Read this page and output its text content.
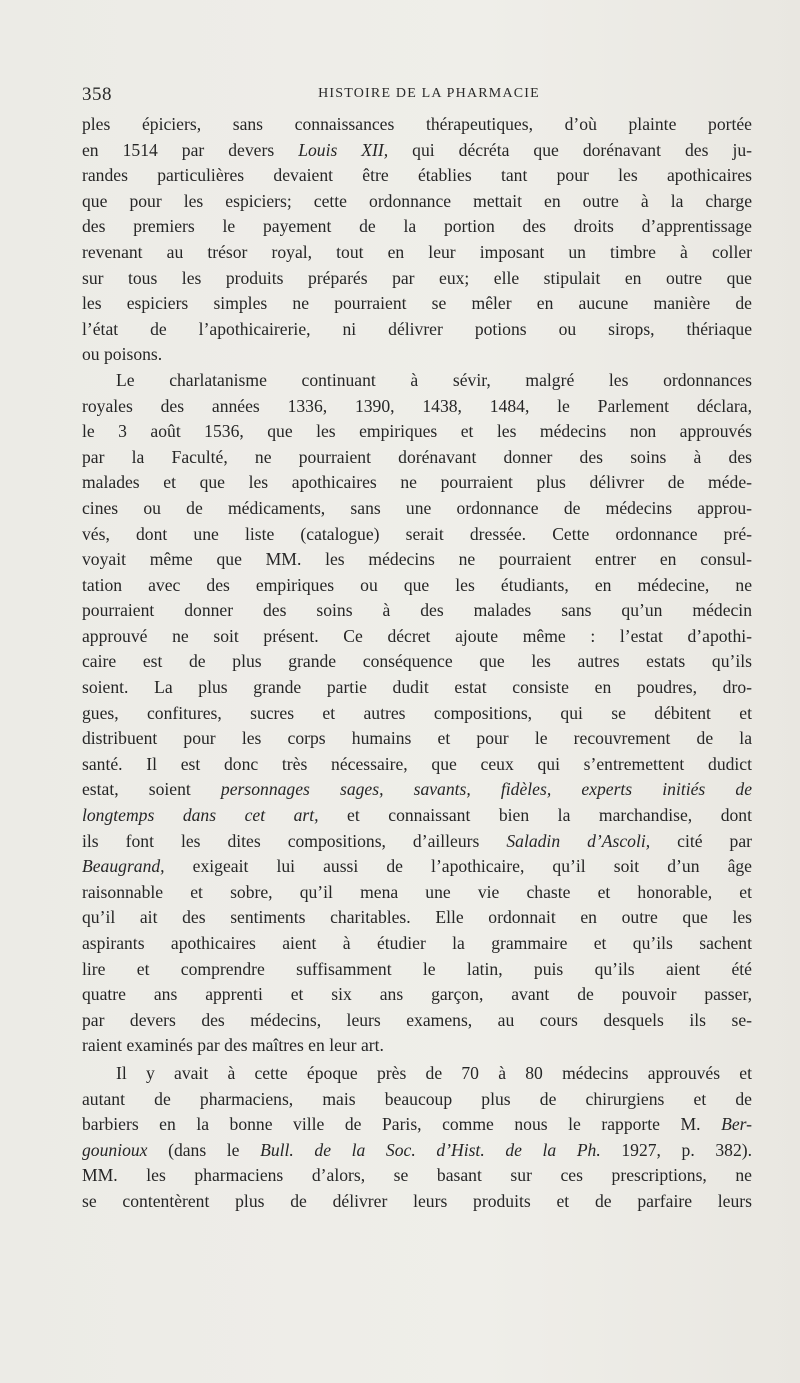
358	HISTOIRE DE LA PHARMACIE

ples épiciers, sans connaissances thérapeutiques, d’où plainte portée
en 1514 par devers Louis XII, qui décréta que dorénavant des ju-
randes particulières devaient être établies tant pour les apothicaires
que pour les espiciers; cette ordonnance mettait en outre à la charge
des premiers le payement de la portion des droits d’apprentissage
revenant au trésor royal, tout en leur imposant un timbre à coller
sur tous les produits préparés par eux; elle stipulait en outre que
les espiciers simples ne pourraient se mêler en aucune manière de
l’état de l’apothicairerie, ni délivrer potions ou sirops, thériaque
ou poisons.

Le charlatanisme continuant à sévir, malgré les ordonnances
royales des années 1336, 1390, 1438, 1484, le Parlement déclara,
le 3 août 1536, que les empiriques et les médecins non approuvés
par la Faculté, ne pourraient dorénavant donner des soins à des
malades et que les apothicaires ne pourraient plus délivrer de méde-
cines ou de médicaments, sans une ordonnance de médecins approu-
vés, dont une liste (catalogue) serait dressée. Cette ordonnance pré-
voyait même que MM. les médecins ne pourraient entrer en consul-
tation avec des empiriques ou que les étudiants, en médecine, ne
pourraient donner des soins à des malades sans qu’un médecin
approuvé ne soit présent. Ce décret ajoute même : l’estat d’apothi-
caire est de plus grande conséquence que les autres estats qu’ils
soient. La plus grande partie dudit estat consiste en poudres, dro-
gues, confitures, sucres et autres compositions, qui se débitent et
distribuent pour les corps humains et pour le recouvrement de la
santé. Il est donc très nécessaire, que ceux qui s’entremettent dudict
estat, soient personnages sages, savants, fidèles, experts initiés de
longtemps dans cet art, et connaissant bien la marchandise, dont
ils font les dites compositions, d’ailleurs Saladin d’Ascoli, cité par
Beaugrand, exigeait lui aussi de l’apothicaire, qu’il soit d’un âge
raisonnable et sobre, qu’il mena une vie chaste et honorable, et
qu’il ait des sentiments charitables. Elle ordonnait en outre que les
aspirants apothicaires aient à étudier la grammaire et qu’ils sachent
lire et comprendre suffisamment le latin, puis qu’ils aient été
quatre ans apprenti et six ans garçon, avant de pouvoir passer,
par devers des médecins, leurs examens, au cours desquels ils se-
raient examinés par des maîtres en leur art.

Il y avait à cette époque près de 70 à 80 médecins approuvés et
autant de pharmaciens, mais beaucoup plus de chirurgiens et de
barbiers en la bonne ville de Paris, comme nous le rapporte M. Ber-
gounioux (dans le Bull. de la Soc. d’Hist. de la Ph. 1927, p. 382).
MM. les pharmaciens d’alors, se basant sur ces prescriptions, ne
se contentèrent plus de délivrer leurs produits et de parfaire leurs
